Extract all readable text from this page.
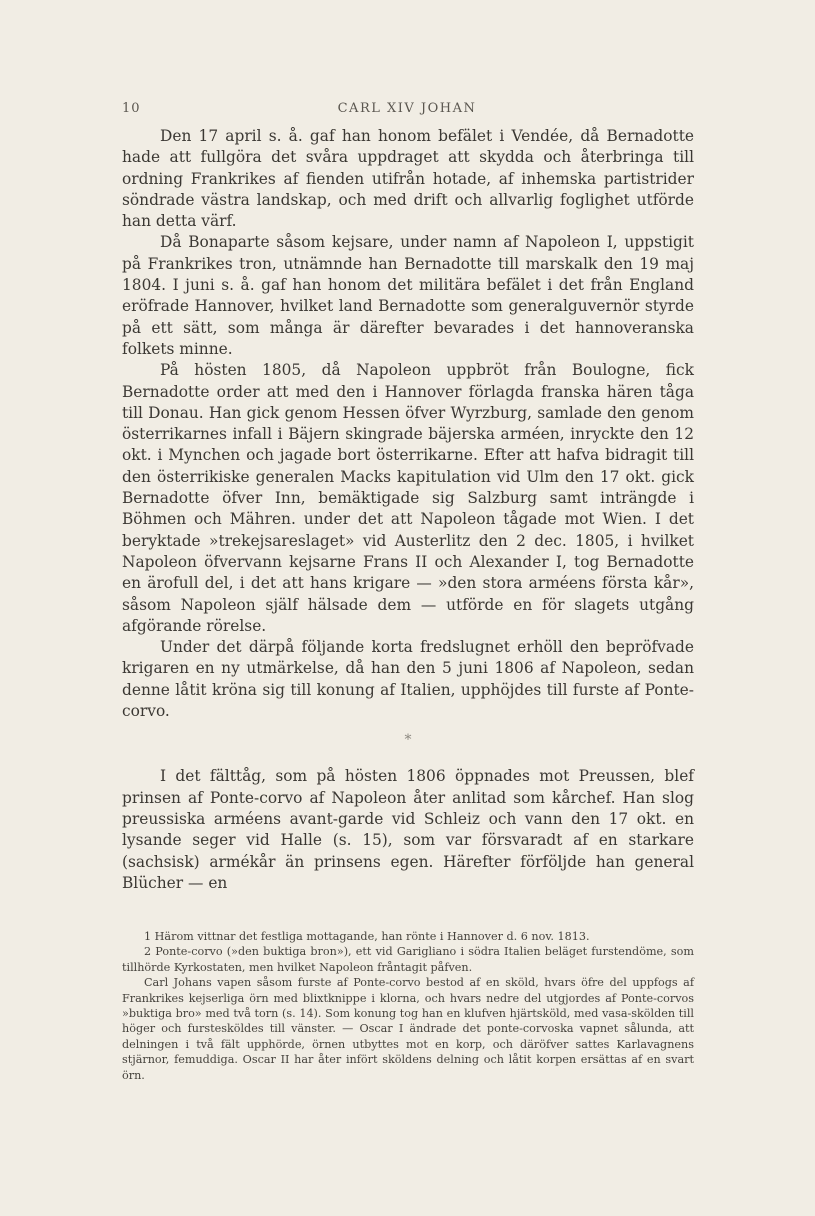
10	CARL XIV JOHAN

Den 17 april s. å. gaf han honom befälet i Vendée, då Bernadotte hade att fullgöra det svåra uppdraget att skydda och återbringa till ordning Frankrikes af fienden utifrån hotade, af inhemska partistrider söndrade västra landskap, och med drift och allvarlig foglighet utförde han detta värf.

Då Bonaparte såsom kejsare, under namn af Napoleon I, uppstigit på Frankrikes tron, utnämnde han Bernadotte till marskalk den 19 maj 1804. I juni s. å. gaf han honom det militära befälet i det från England eröfrade Hannover, hvilket land Bernadotte som generalguvernör styrde på ett sätt, som många är därefter bevarades i det hannoveranska folkets minne.

På hösten 1805, då Napoleon uppbröt från Boulogne, fick Bernadotte order att med den i Hannover förlagda franska hären tåga till Donau. Han gick genom Hessen öfver Wyrzburg, samlade den genom österrikarnes infall i Bäjern skingrade bäjerska arméen, inryckte den 12 okt. i Mynchen och jagade bort österrikarne. Efter att hafva bidragit till den österrikiske generalen Macks kapitulation vid Ulm den 17 okt. gick Bernadotte öfver Inn, bemäktigade sig Salzburg samt inträngde i Böhmen och Mähren. under det att Napoleon tågade mot Wien. I det beryktade »trekejsareslaget» vid Austerlitz den 2 dec. 1805, i hvilket Napoleon öfvervann kejsarne Frans II och Alexander I, tog Bernadotte en ärofull del, i det att hans krigare — »den stora arméens första kår», såsom Napoleon själf hälsade dem — utförde en för slagets utgång afgörande rörelse.

Under det därpå följande korta fredslugnet erhöll den bepröfvade krigaren en ny utmärkelse, då han den 5 juni 1806 af Napoleon, sedan denne låtit kröna sig till konung af Italien, upphöjdes till furste af Ponte-corvo.

*

I det fälttåg, som på hösten 1806 öppnades mot Preussen, blef prinsen af Ponte-corvo af Napoleon åter anlitad som kårchef. Han slog preussiska arméens avant-garde vid Schleiz och vann den 17 okt. en lysande seger vid Halle (s. 15), som var försvaradt af en starkare (sachsisk) armékår än prinsens egen. Härefter förföljde han general Blücher — en

1 Härom vittnar det festliga mottagande, han rönte i Hannover d. 6 nov. 1813.

2 Ponte-corvo (»den buktiga bron»), ett vid Garigliano i södra Italien beläget furstendöme, som tillhörde Kyrkostaten, men hvilket Napoleon fråntagit påfven.

Carl Johans vapen såsom furste af Ponte-corvo bestod af en sköld, hvars öfre del uppfogs af Frankrikes kejserliga örn med blixtknippe i klorna, och hvars nedre del utgjordes af Ponte-corvos »buktiga bro» med två torn (s. 14). Som konung tog han en klufven hjärtsköld, med vasa-skölden till höger och furstesköldes till vänster. — Oscar I ändrade det ponte-corvoska vapnet sålunda, att delningen i två fält upphörde, örnen utbyttes mot en korp, och däröfver sattes Karlavagnens stjärnor, femuddiga. Oscar II har åter infört sköldens delning och låtit korpen ersättas af en svart örn.
